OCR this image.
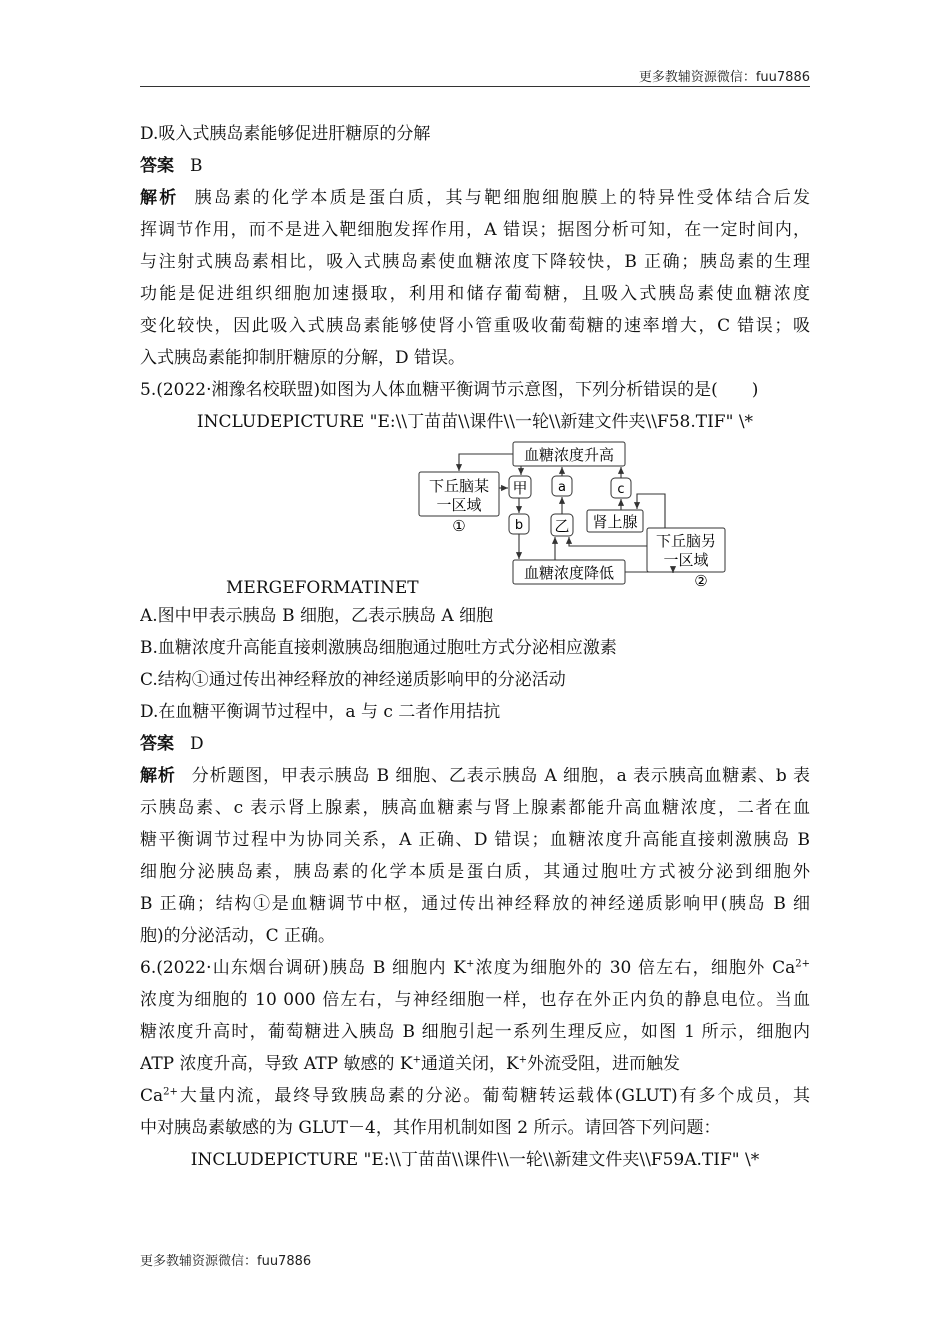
更多教辅资源微信：fuu7886
D.吸入式胰岛素能够促进肝糖原的分解
答案 B
解析 胰岛素的化学本质是蛋白质，其与靶细胞细胞膜上的特异性受体结合后发
挥调节作用，而不是进入靶细胞发挥作用，A 错误；据图分析可知，在一定时间内，
与注射式胰岛素相比，吸入式胰岛素使血糖浓度下降较快，B 正确；胰岛素的生理
功能是促进组织细胞加速摄取，利用和储存葡萄糖，且吸入式胰岛素使血糖浓度
变化较快，因此吸入式胰岛素能够使肾小管重吸收葡萄糖的速率增大，C 错误；吸
入式胰岛素能抑制肝糖原的分解，D 错误。
5.(2022·湘豫名校联盟)如图为人体血糖平衡调节示意图，下列分析错误的是(　　)
INCLUDEPICTURE "E:\\丁苗苗\\课件\\一轮\\新建文件夹\\F58.TIF" \*
血糖浓度升高
下丘脑某
一区域
①
甲 a	c
b 乙 肾上腺
下丘脑另
一区域
②
血糖浓度降低
MERGEFORMATINET
A.图中甲表示胰岛 B 细胞，乙表示胰岛 A 细胞
B.血糖浓度升高能直接刺激胰岛细胞通过胞吐方式分泌相应激素
C.结构①通过传出神经释放的神经递质影响甲的分泌活动
D.在血糖平衡调节过程中，a 与 c 二者作用拮抗
答案 D
解析 分析题图，甲表示胰岛 B 细胞、乙表示胰岛 A 细胞，a 表示胰高血糖素、b 表
示胰岛素、c 表示肾上腺素，胰高血糖素与肾上腺素都能升高血糖浓度，二者在血
糖平衡调节过程中为协同关系，A 正确、D 错误；血糖浓度升高能直接刺激胰岛 B
细胞分泌胰岛素，胰岛素的化学本质是蛋白质，其通过胞吐方式被分泌到细胞外
B 正确；结构①是血糖调节中枢，通过传出神经释放的神经递质影响甲(胰岛 B 细
胞)的分泌活动，C 正确。
6.(2022·山东烟台调研)胰岛 B 细胞内 K+浓度为细胞外的 30 倍左右，细胞外 $Ca^{2+}$
浓度为细胞的 10 000 倍左右，与神经细胞一样，也存在外正内负的静息电位。当血
糖浓度升高时，葡萄糖进入胰岛 B 细胞引起一系列生理反应，如图 1 所示，细胞内
ATP 浓度升高，导致 ATP 敏感的 K+通道关闭，K+外流受阻，进而触发
$Ca^{2+}$大量内流，最终导致胰岛素的分泌。葡萄糖转运载体(GLUT)有多个成员，其
中对胰岛素敏感的为 GLUT－4，其作用机制如图 2 所示。请回答下列问题：
INCLUDEPICTURE "E:\\丁苗苗\\课件\\一轮\\新建文件夹\\F59A.TIF" \*
更多教辅资源微信：fuu7886
